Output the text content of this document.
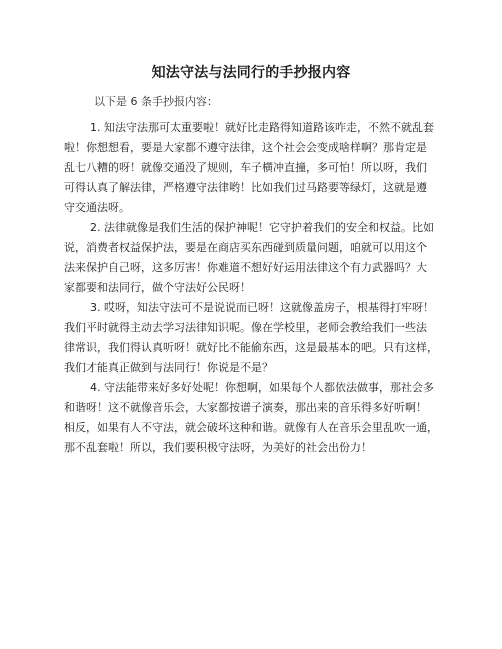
知法守法与法同行的手抄报内容
以下是 6 条手抄报内容：
1. 知法守法那可太重要啦！就好比走路得知道路该咋走，不然不就乱套
啦！你想想看，要是大家都不遵守法律，这个社会会变成啥样啊？那肯定是
乱七八糟的呀！就像交通没了规则，车子横冲直撞，多可怕！所以呀，我们
可得认真了解法律，严格遵守法律哟！比如我们过马路要等绿灯，这就是遵
守交通法呀。
2. 法律就像是我们生活的保护神呢！它守护着我们的安全和权益。比如
说，消费者权益保护法，要是在商店买东西碰到质量问题，咱就可以用这个
法来保护自己呀，这多厉害！你难道不想好好运用法律这个有力武器吗？大
家都要和法同行，做个守法好公民呀！
3. 哎呀，知法守法可不是说说而已呀！这就像盖房子，根基得打牢呀！
我们平时就得主动去学习法律知识呢。像在学校里，老师会教给我们一些法
律常识，我们得认真听呀！就好比不能偷东西，这是最基本的吧。只有这样，
我们才能真正做到与法同行！你说是不是？
4. 守法能带来好多好处呢！你想啊，如果每个人都依法做事，那社会多
和谐呀！这不就像音乐会，大家都按谱子演奏，那出来的音乐得多好听啊！
相反，如果有人不守法，就会破坏这种和谐。就像有人在音乐会里乱吹一通，
那不乱套啦！所以，我们要积极守法呀，为美好的社会出份力！
